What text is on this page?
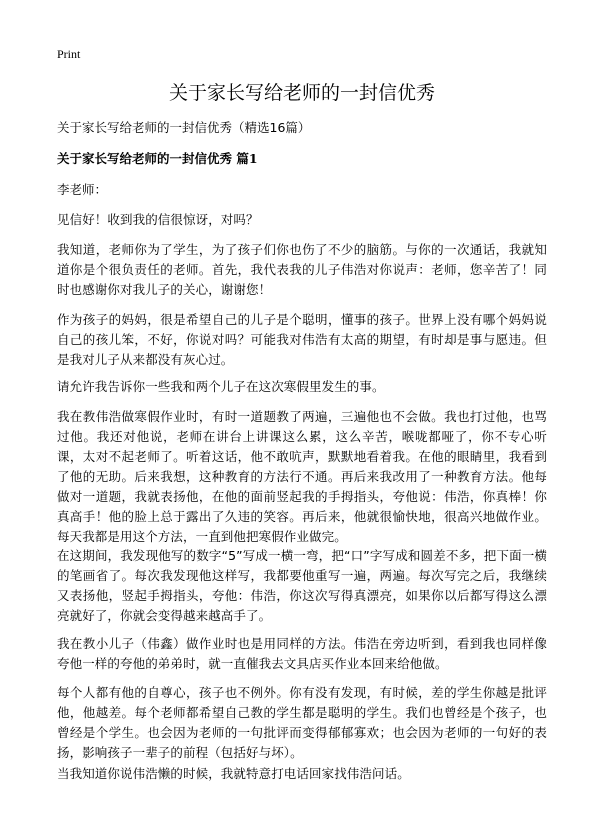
Print
关于家长写给老师的一封信优秀
关于家长写给老师的一封信优秀（精选16篇）
关于家长写给老师的一封信优秀 篇1
李老师：

见信好！收到我的信很惊讶，对吗？

我知道，老师你为了学生，为了孩子们你也伤了不少的脑筋。与你的一次通话，我就知道你是个很负责任的老师。首先，我代表我的儿子伟浩对你说声：老师，您辛苦了！同时也感谢你对我儿子的关心，谢谢您！

作为孩子的妈妈，很是希望自己的儿子是个聪明，懂事的孩子。世界上没有哪个妈妈说自己的孩儿笨，不好，你说对吗？可能我对伟浩有太高的期望，有时却是事与愿违。但是我对儿子从来都没有灰心过。

请允许我告诉你一些我和两个儿子在这次寒假里发生的事。

我在教伟浩做寒假作业时，有时一道题教了两遍，三遍他也不会做。我也打过他，也骂过他。我还对他说，老师在讲台上讲课这么累，这么辛苦，喉咙都哑了，你不专心听课，太对不起老师了。听着这话，他不敢吭声，默默地看着我。在他的眼睛里，我看到了他的无助。后来我想，这种教育的方法行不通。再后来我改用了一种教育方法。他每做对一道题，我就表扬他，在他的面前竖起我的手拇指头，夸他说：伟浩，你真棒！你真高手！他的脸上总于露出了久违的笑容。再后来，他就很愉快地，很高兴地做作业。每天我都是用这个方法，一直到他把寒假作业做完。

在这期间，我发现他写的数字“5”写成一横一弯，把“口”字写成和圆差不多，把下面一横的笔画省了。每次我发现他这样写，我都要他重写一遍，两遍。每次写完之后，我继续又表扬他，竖起手拇指头，夸他：伟浩，你这次写得真漂亮，如果你以后都写得这么漂亮就好了，你就会变得越来越高手了。

我在教小儿子（伟鑫）做作业时也是用同样的方法。伟浩在旁边听到，看到我也同样像夸他一样的夸他的弟弟时，就一直催我去文具店买作业本回来给他做。

每个人都有他的自尊心，孩子也不例外。你有没有发现，有时候，差的学生你越是批评他，他越差。每个老师都希望自己教的学生都是聪明的学生。我们也曾经是个孩子，也曾经是个学生。也会因为老师的一句批评而变得郁郁寡欢；也会因为老师的一句好的表扬，影响孩子一辈子的前程（包括好与坏）。

当我知道你说伟浩懒的时候，我就特意打电话回家找伟浩问话。
